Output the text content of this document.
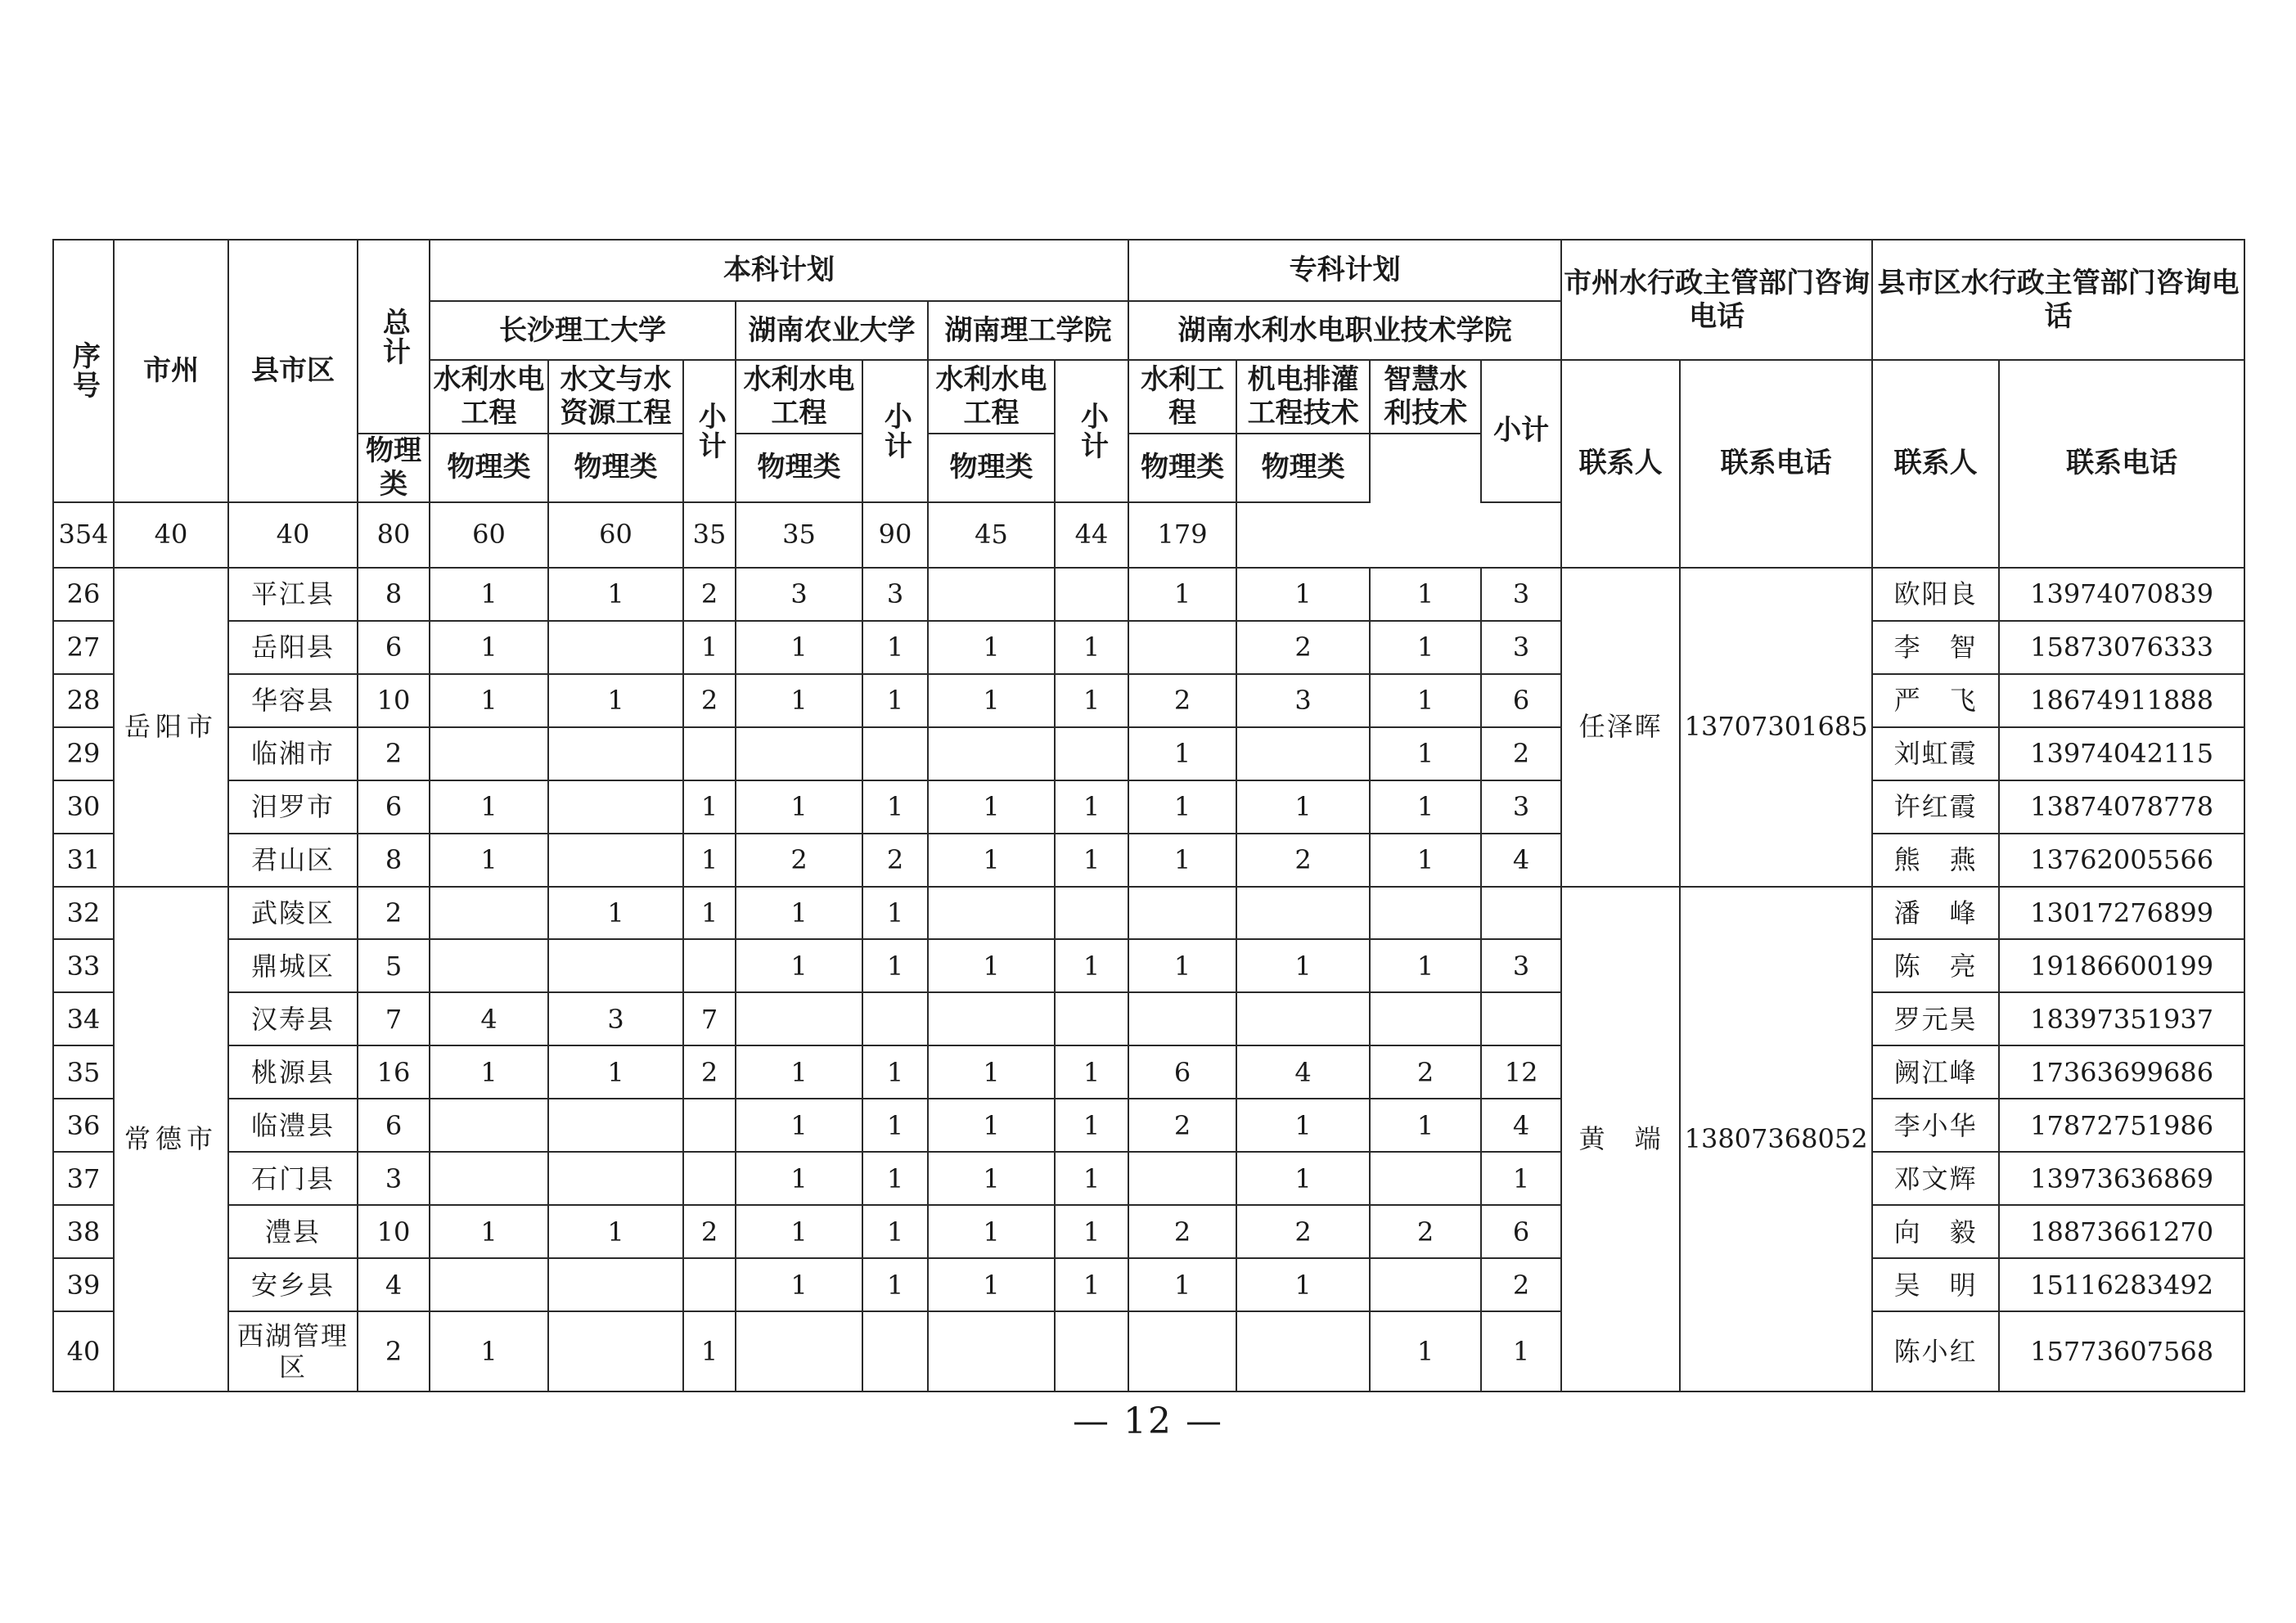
序号	市州	县市区	总计	本科计划							专科计划				市州水行政主管部门咨询电话		县市区水行政主管部门咨询电话	
				长沙理工大学			湖南农业大学		湖南理工学院		湖南水利水电职业技术学院							
				水利水电工程	水文与水资源工程	小计	水利水电工程	小计	水利水电工程	小计	水利工程	机电排灌工程技术	智慧水利技术	小计	联系人	联系电话	联系人	联系电话
			物理类	物理类	物理类		物理类		物理类		物理类	物理类						
354	40	40	80	60	60	35	35	90	45	44	179							
26	岳阳市	平江县	8	1	1	2	3	3			1	1	1	3	任泽晖	13707301685	欧阳良	13974070839
27		岳阳县	6	1		1	1	1	1	1		2	1	3			李　智	15873076333
28		华容县	10	1	1	2	1	1	1	1	2	3	1	6			严　飞	18674911888
29		临湘市	2								1		1	2			刘虹霞	13974042115
30		汨罗市	6	1		1	1	1	1	1	1	1	1	3			许红霞	13874078778
31		君山区	8	1		1	2	2	1	1	1	2	1	4			熊　燕	13762005566
32	常德市	武陵区	2		1	1	1	1							黄　端	13807368052	潘　峰	13017276899
33		鼎城区	5				1	1	1	1	1	1	1	3			陈　亮	19186600199
34		汉寿县	7	4	3	7											罗元昊	18397351937
35		桃源县	16	1	1	2	1	1	1	1	6	4	2	12			阙江峰	17363699686
36		临澧县	6				1	1	1	1	2	1	1	4			李小华	17872751986
37		石门县	3				1	1	1	1		1		1			邓文辉	13973636869
38		澧县	10	1	1	2	1	1	1	1	2	2	2	6			向　毅	18873661270
39		安乡县	4				1	1	1	1	1	1		2			吴　明	15116283492
40		西湖管理区	2	1		1							1	1			陈小红	15773607568
— 12 —
